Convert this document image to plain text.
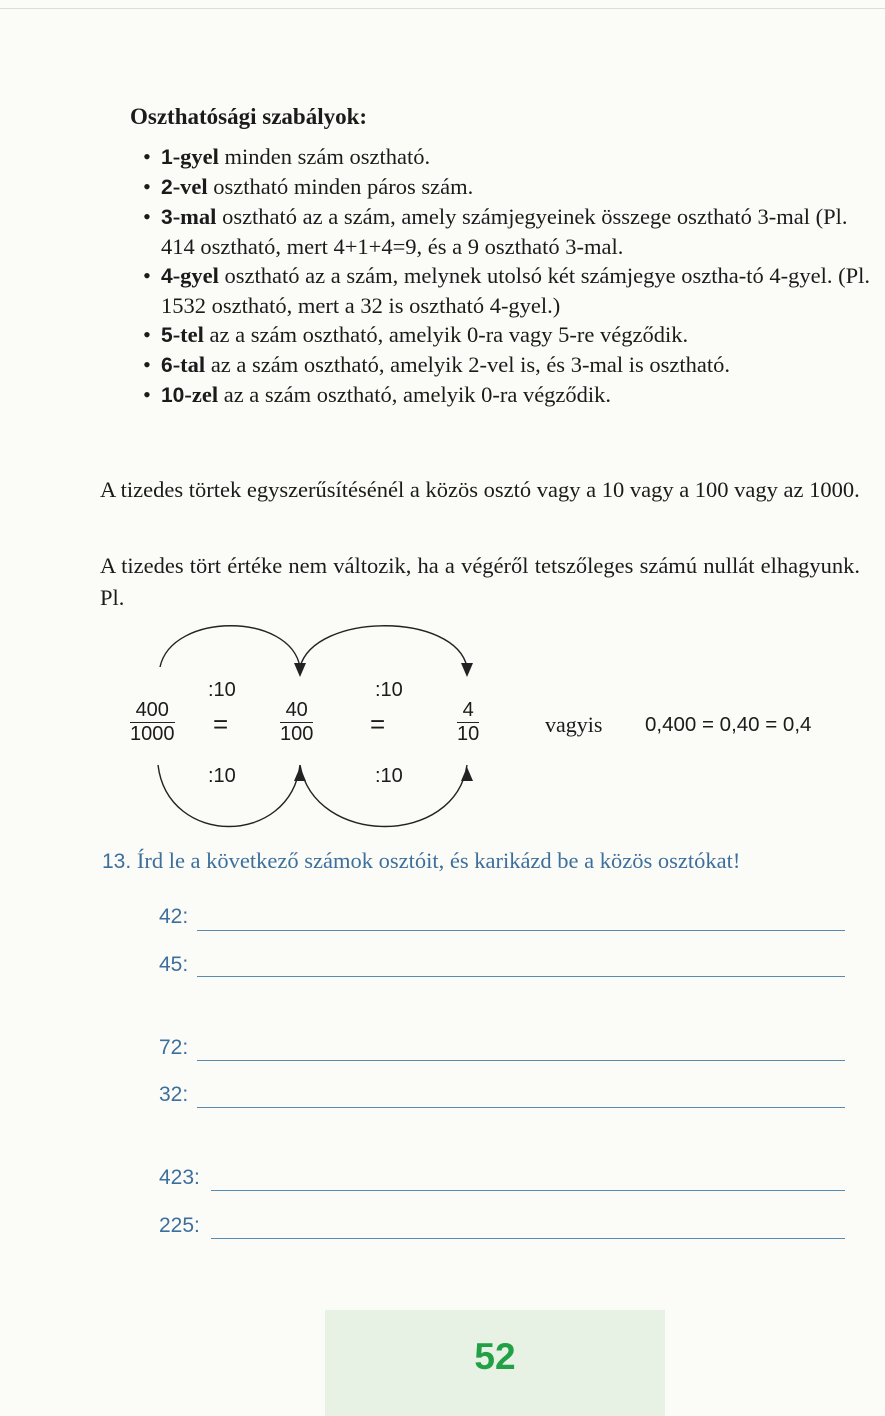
Oszthatósági szabályok:
• 1-gyel minden szám osztható.
• 2-vel osztható minden páros szám.
• 3-mal osztható az a szám, amely számjegyeinek összege osztható 3-mal (Pl. 414 osztható, mert 4+1+4=9, és a 9 osztható 3-mal.
• 4-gyel osztható az a szám, melynek utolsó két számjegye osztha-tó 4-gyel. (Pl. 1532 osztható, mert a 32 is osztható 4-gyel.)
• 5-tel az a szám osztható, amelyik 0-ra vagy 5-re végződik.
• 6-tal az a szám osztható, amelyik 2-vel is, és 3-mal is osztható.
• 10-zel az a szám osztható, amelyik 0-ra végződik.

A tizedes törtek egyszerűsítésénél a közös osztó vagy a 10 vagy a 100 vagy az 1000.

A tizedes tört értéke nem változik, ha a végéről tetszőleges számú nullát elhagyunk. Pl.

:10	:10
:10	:10
400
1000 =	40
100 =	4
10	vagyis 0,400 = 0,40 = 0,4
13. Írd le a következő számok osztóit, és karikázd be a közös osztókat!
42:
45:
72:
32:
423:
225:
52
